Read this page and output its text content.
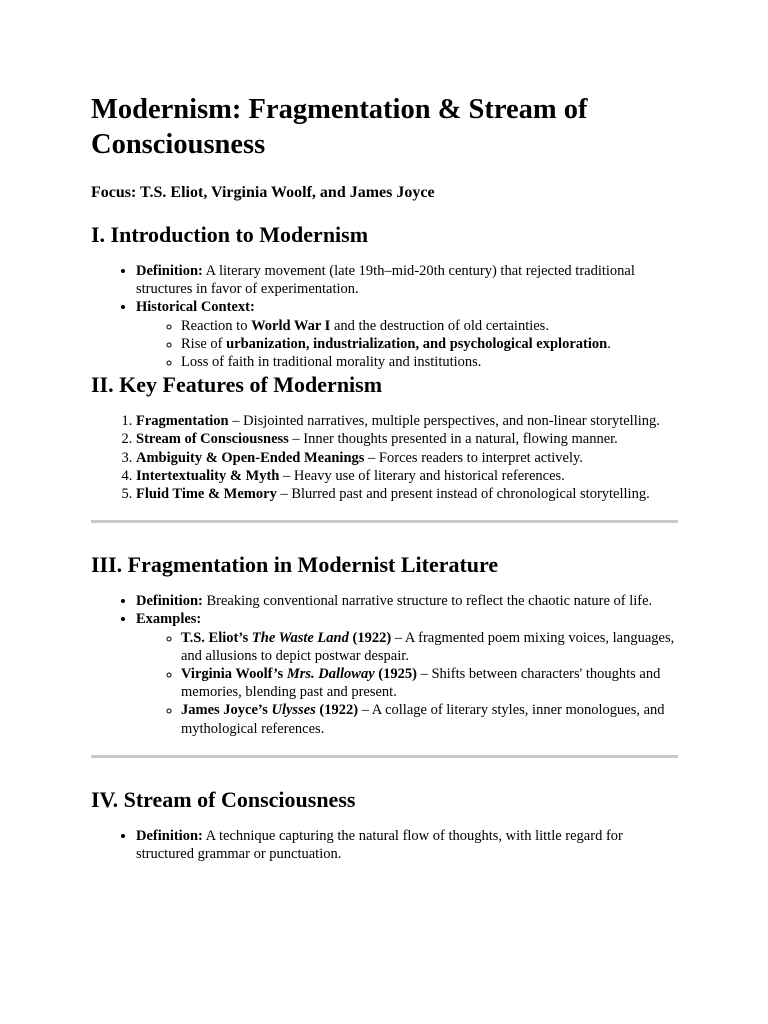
Modernism: Fragmentation & Stream of Consciousness

Focus: T.S. Eliot, Virginia Woolf, and James Joyce

I. Introduction to Modernism
• Definition: A literary movement (late 19th–mid-20th century) that rejected traditional structures in favor of experimentation.
• Historical Context:
◦ Reaction to World War I and the destruction of old certainties.
◦ Rise of urbanization, industrialization, and psychological exploration.
◦ Loss of faith in traditional morality and institutions.
II. Key Features of Modernism
1. Fragmentation – Disjointed narratives, multiple perspectives, and non-linear storytelling.
2. Stream of Consciousness – Inner thoughts presented in a natural, flowing manner.
3. Ambiguity & Open-Ended Meanings – Forces readers to interpret actively.
4. Intertextuality & Myth – Heavy use of literary and historical references.
5. Fluid Time & Memory – Blurred past and present instead of chronological storytelling.
III. Fragmentation in Modernist Literature
• Definition: Breaking conventional narrative structure to reflect the chaotic nature of life.
• Examples:
◦ T.S. Eliot’s The Waste Land (1922) – A fragmented poem mixing voices, languages, and allusions to depict postwar despair.
◦ Virginia Woolf’s Mrs. Dalloway (1925) – Shifts between characters' thoughts and memories, blending past and present.
◦ James Joyce’s Ulysses (1922) – A collage of literary styles, inner monologues, and mythological references.
IV. Stream of Consciousness
• Definition: A technique capturing the natural flow of thoughts, with little regard for structured grammar or punctuation.
